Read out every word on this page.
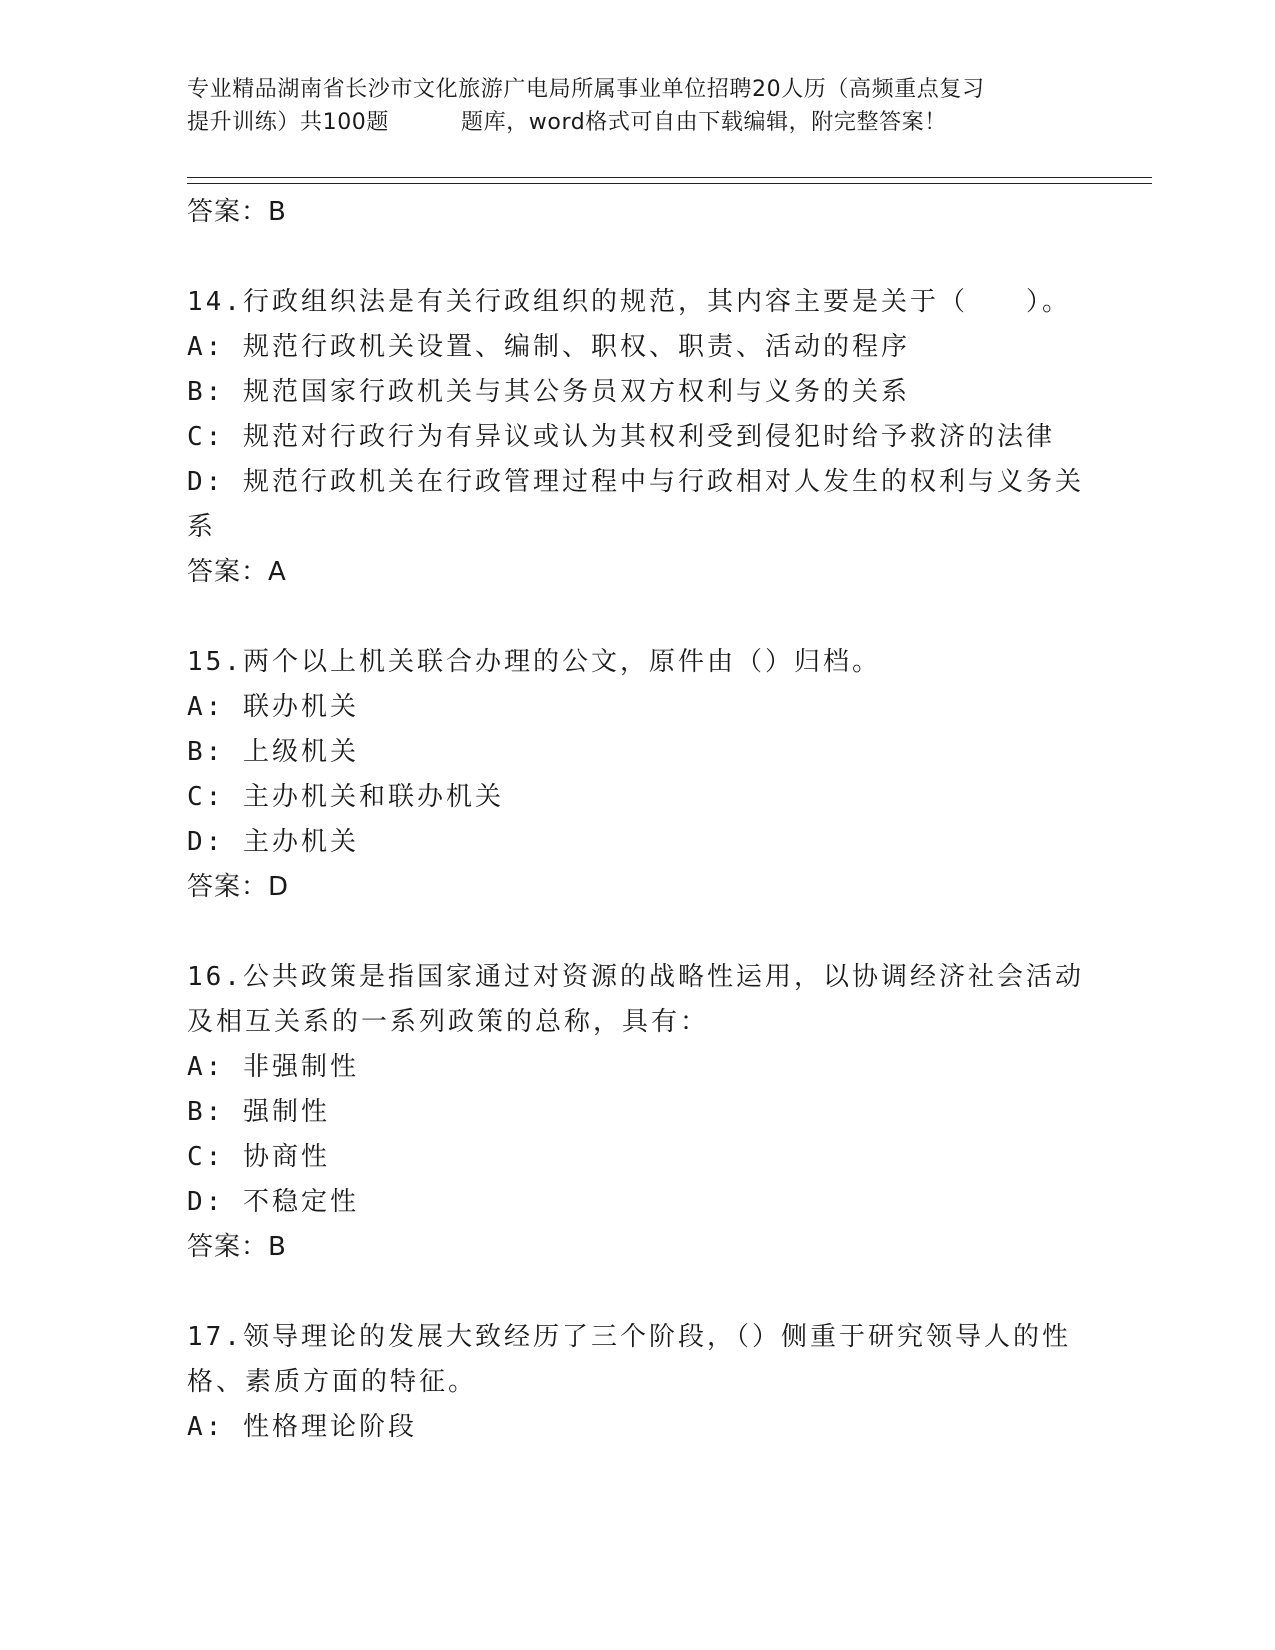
专业精品湖南省长沙市文化旅游广电局所属事业单位招聘20人历（高频重点复习
提升训练）共100题	题库，word格式可自由下载编辑，附完整答案！
答案：B
14.行政组织法是有关行政组织的规范，其内容主要是关于（　　）。
A: 规范行政机关设置、编制、职权、职责、活动的程序
B: 规范国家行政机关与其公务员双方权利与义务的关系
C: 规范对行政行为有异议或认为其权利受到侵犯时给予救济的法律
D: 规范行政机关在行政管理过程中与行政相对人发生的权利与义务关系
答案：A
15.两个以上机关联合办理的公文，原件由（）归档。
A: 联办机关
B: 上级机关
C: 主办机关和联办机关
D: 主办机关
答案：D
16.公共政策是指国家通过对资源的战略性运用，以协调经济社会活动及相互关系的一系列政策的总称，具有：
A: 非强制性
B: 强制性
C: 协商性
D: 不稳定性
答案：B
17.领导理论的发展大致经历了三个阶段，（）侧重于研究领导人的性格、素质方面的特征。
A: 性格理论阶段
